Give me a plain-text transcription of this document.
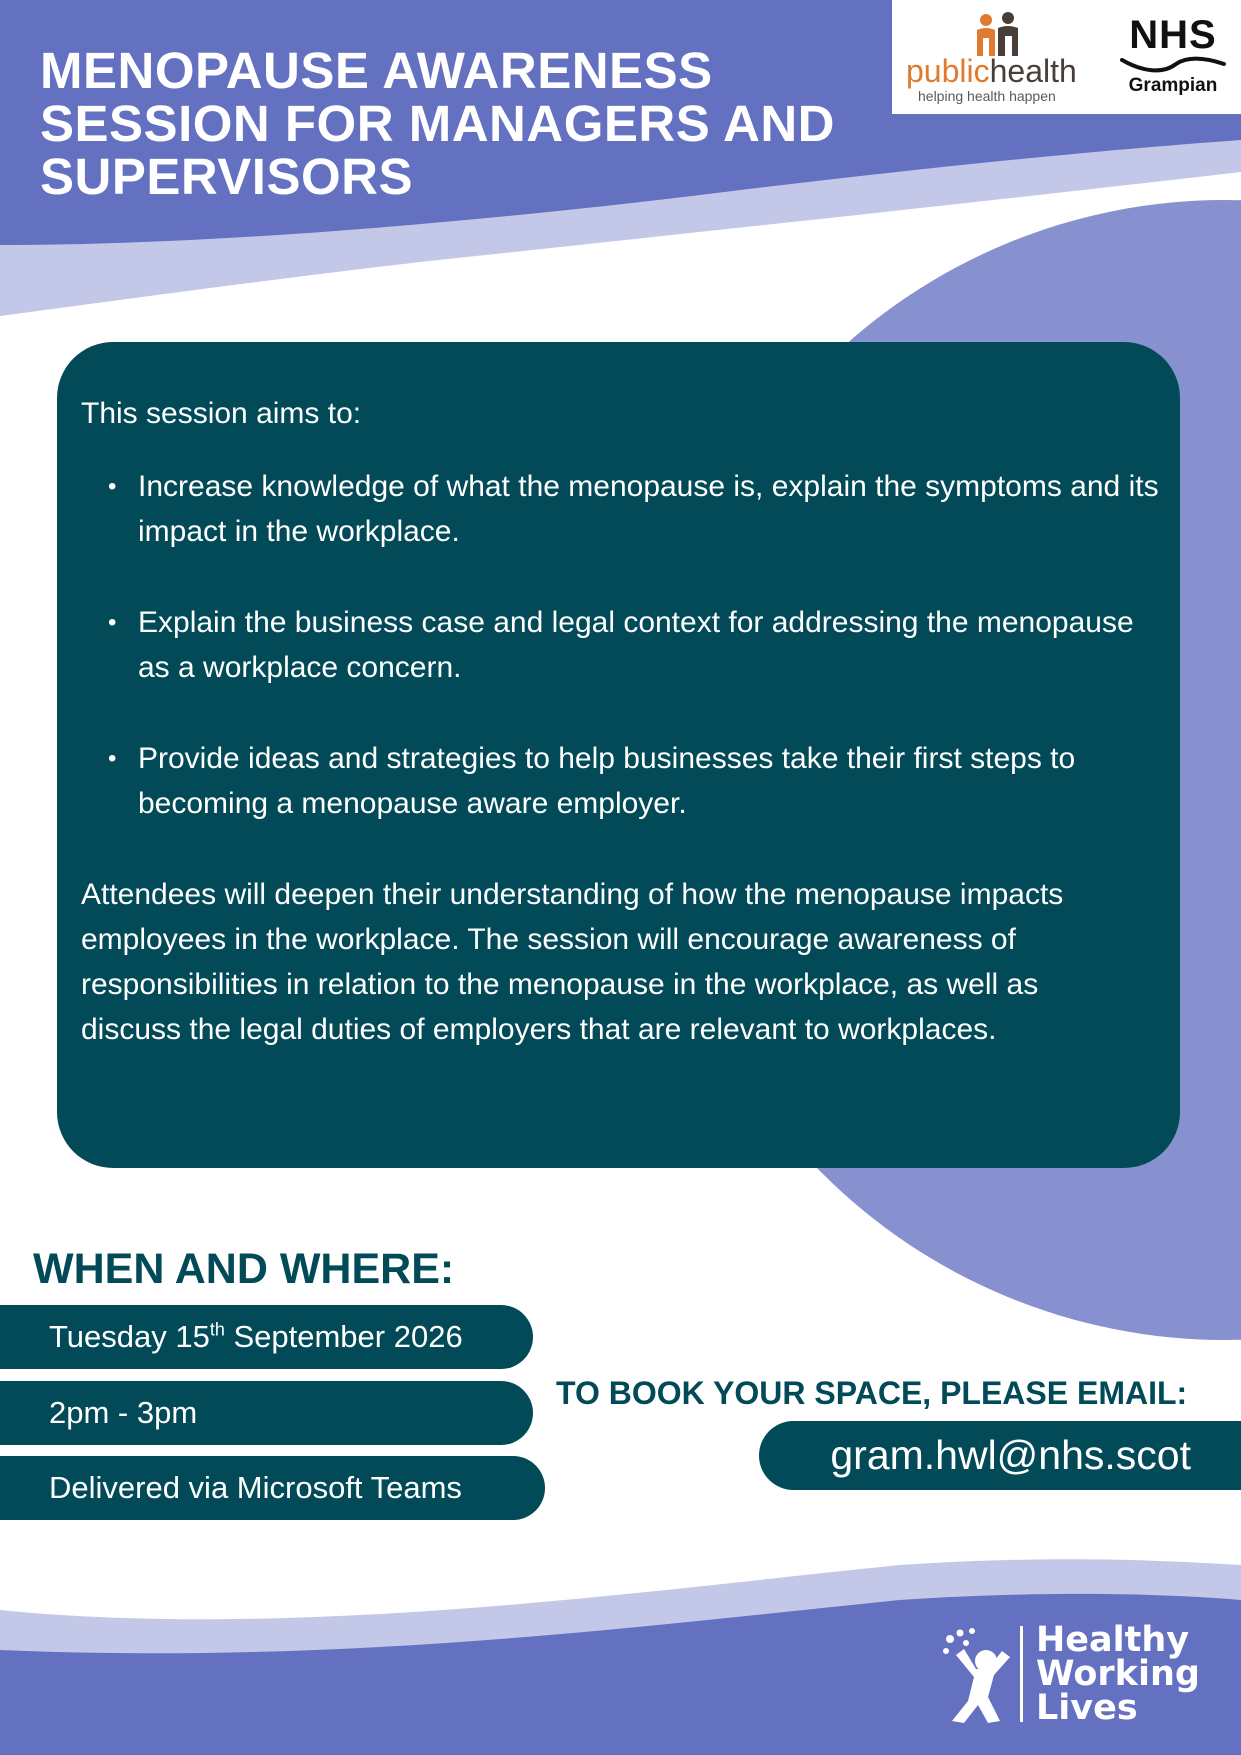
MENOPAUSE AWARENESS SESSION FOR MANAGERS AND SUPERVISORS
publichealth
helping health happen
NHS
Grampian
This session aims to:
• Increase knowledge of what the menopause is, explain the symptoms and its impact in the workplace.
• Explain the business case and legal context for addressing the menopause as a workplace concern.
• Provide ideas and strategies to help businesses take their first steps to becoming a menopause aware employer.
Attendees will deepen their understanding of how the menopause impacts employees in the workplace. The session will encourage awareness of responsibilities in relation to the menopause in the workplace, as well as discuss the legal duties of employers that are relevant to workplaces.
WHEN AND WHERE:
Tuesday 15th September 2026
2pm - 3pm
Delivered via Microsoft Teams
TO BOOK YOUR SPACE, PLEASE EMAIL:
gram.hwl@nhs.scot
Healthy
Working
Lives
